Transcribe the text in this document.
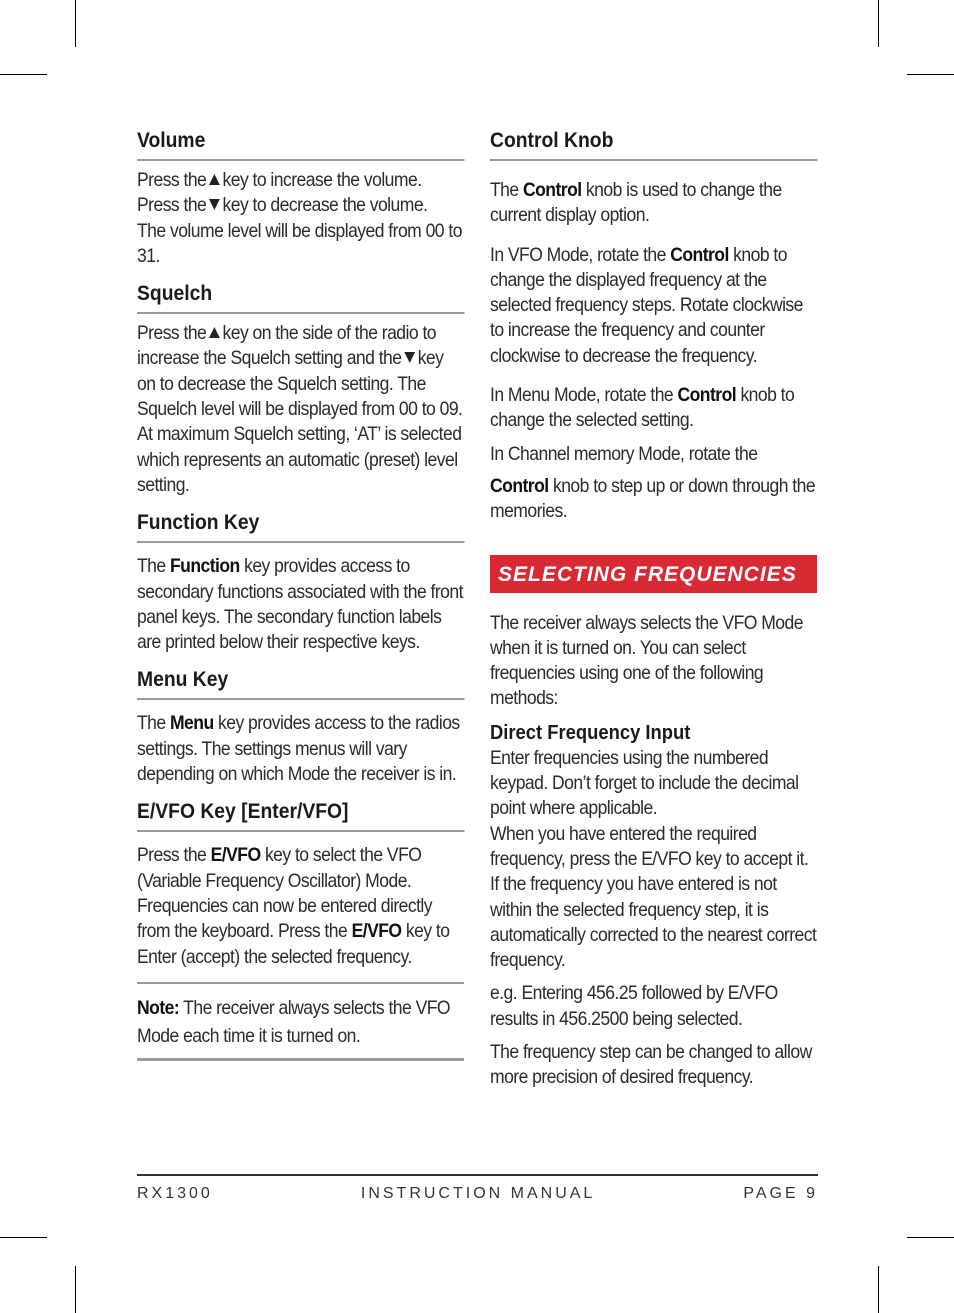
Volume

Press the key to increase the volume.
Press the key to decrease the volume.
The volume level will be displayed from 00 to 31.

Squelch

Press the key on the side of the radio to increase the Squelch setting and the key on to decrease the Squelch setting. The Squelch level will be displayed from 00 to 09. At maximum Squelch setting, ‘AT’ is selected which represents an automatic (preset) level setting.

Function Key

The Function key provides access to secondary functions associated with the front panel keys. The secondary function labels are printed below their respective keys.

Menu Key

The Menu key provides access to the radios settings. The settings menus will vary depending on which Mode the receiver is in.

E/VFO Key [Enter/VFO]

Press the E/VFO key to select the VFO (Variable Frequency Oscillator) Mode. Frequencies can now be entered directly from the keyboard. Press the E/VFO key to Enter (accept) the selected frequency.

Note: The receiver always selects the VFO Mode each time it is turned on.

Control Knob

The Control knob is used to change the current display option.

In VFO Mode, rotate the Control knob to change the displayed frequency at the selected frequency steps. Rotate clockwise to increase the frequency and counter clockwise to decrease the frequency.

In Menu Mode, rotate the Control knob to change the selected setting.

In Channel memory Mode, rotate the

Control knob to step up or down through the memories.

SELECTING FREQUENCIES

The receiver always selects the VFO Mode when it is turned on. You can select frequencies using one of the following methods:

Direct Frequency Input

Enter frequencies using the numbered keypad. Don’t forget to include the decimal point where applicable.

When you have entered the required frequency, press the E/VFO key to accept it. If the frequency you have entered is not within the selected frequency step, it is automatically corrected to the nearest correct frequency.

e.g. Entering 456.25 followed by E/VFO results in 456.2500 being selected.

The frequency step can be changed to allow more precision of desired frequency.

RX1300	INSTRUCTION MANUAL	PAGE 9
